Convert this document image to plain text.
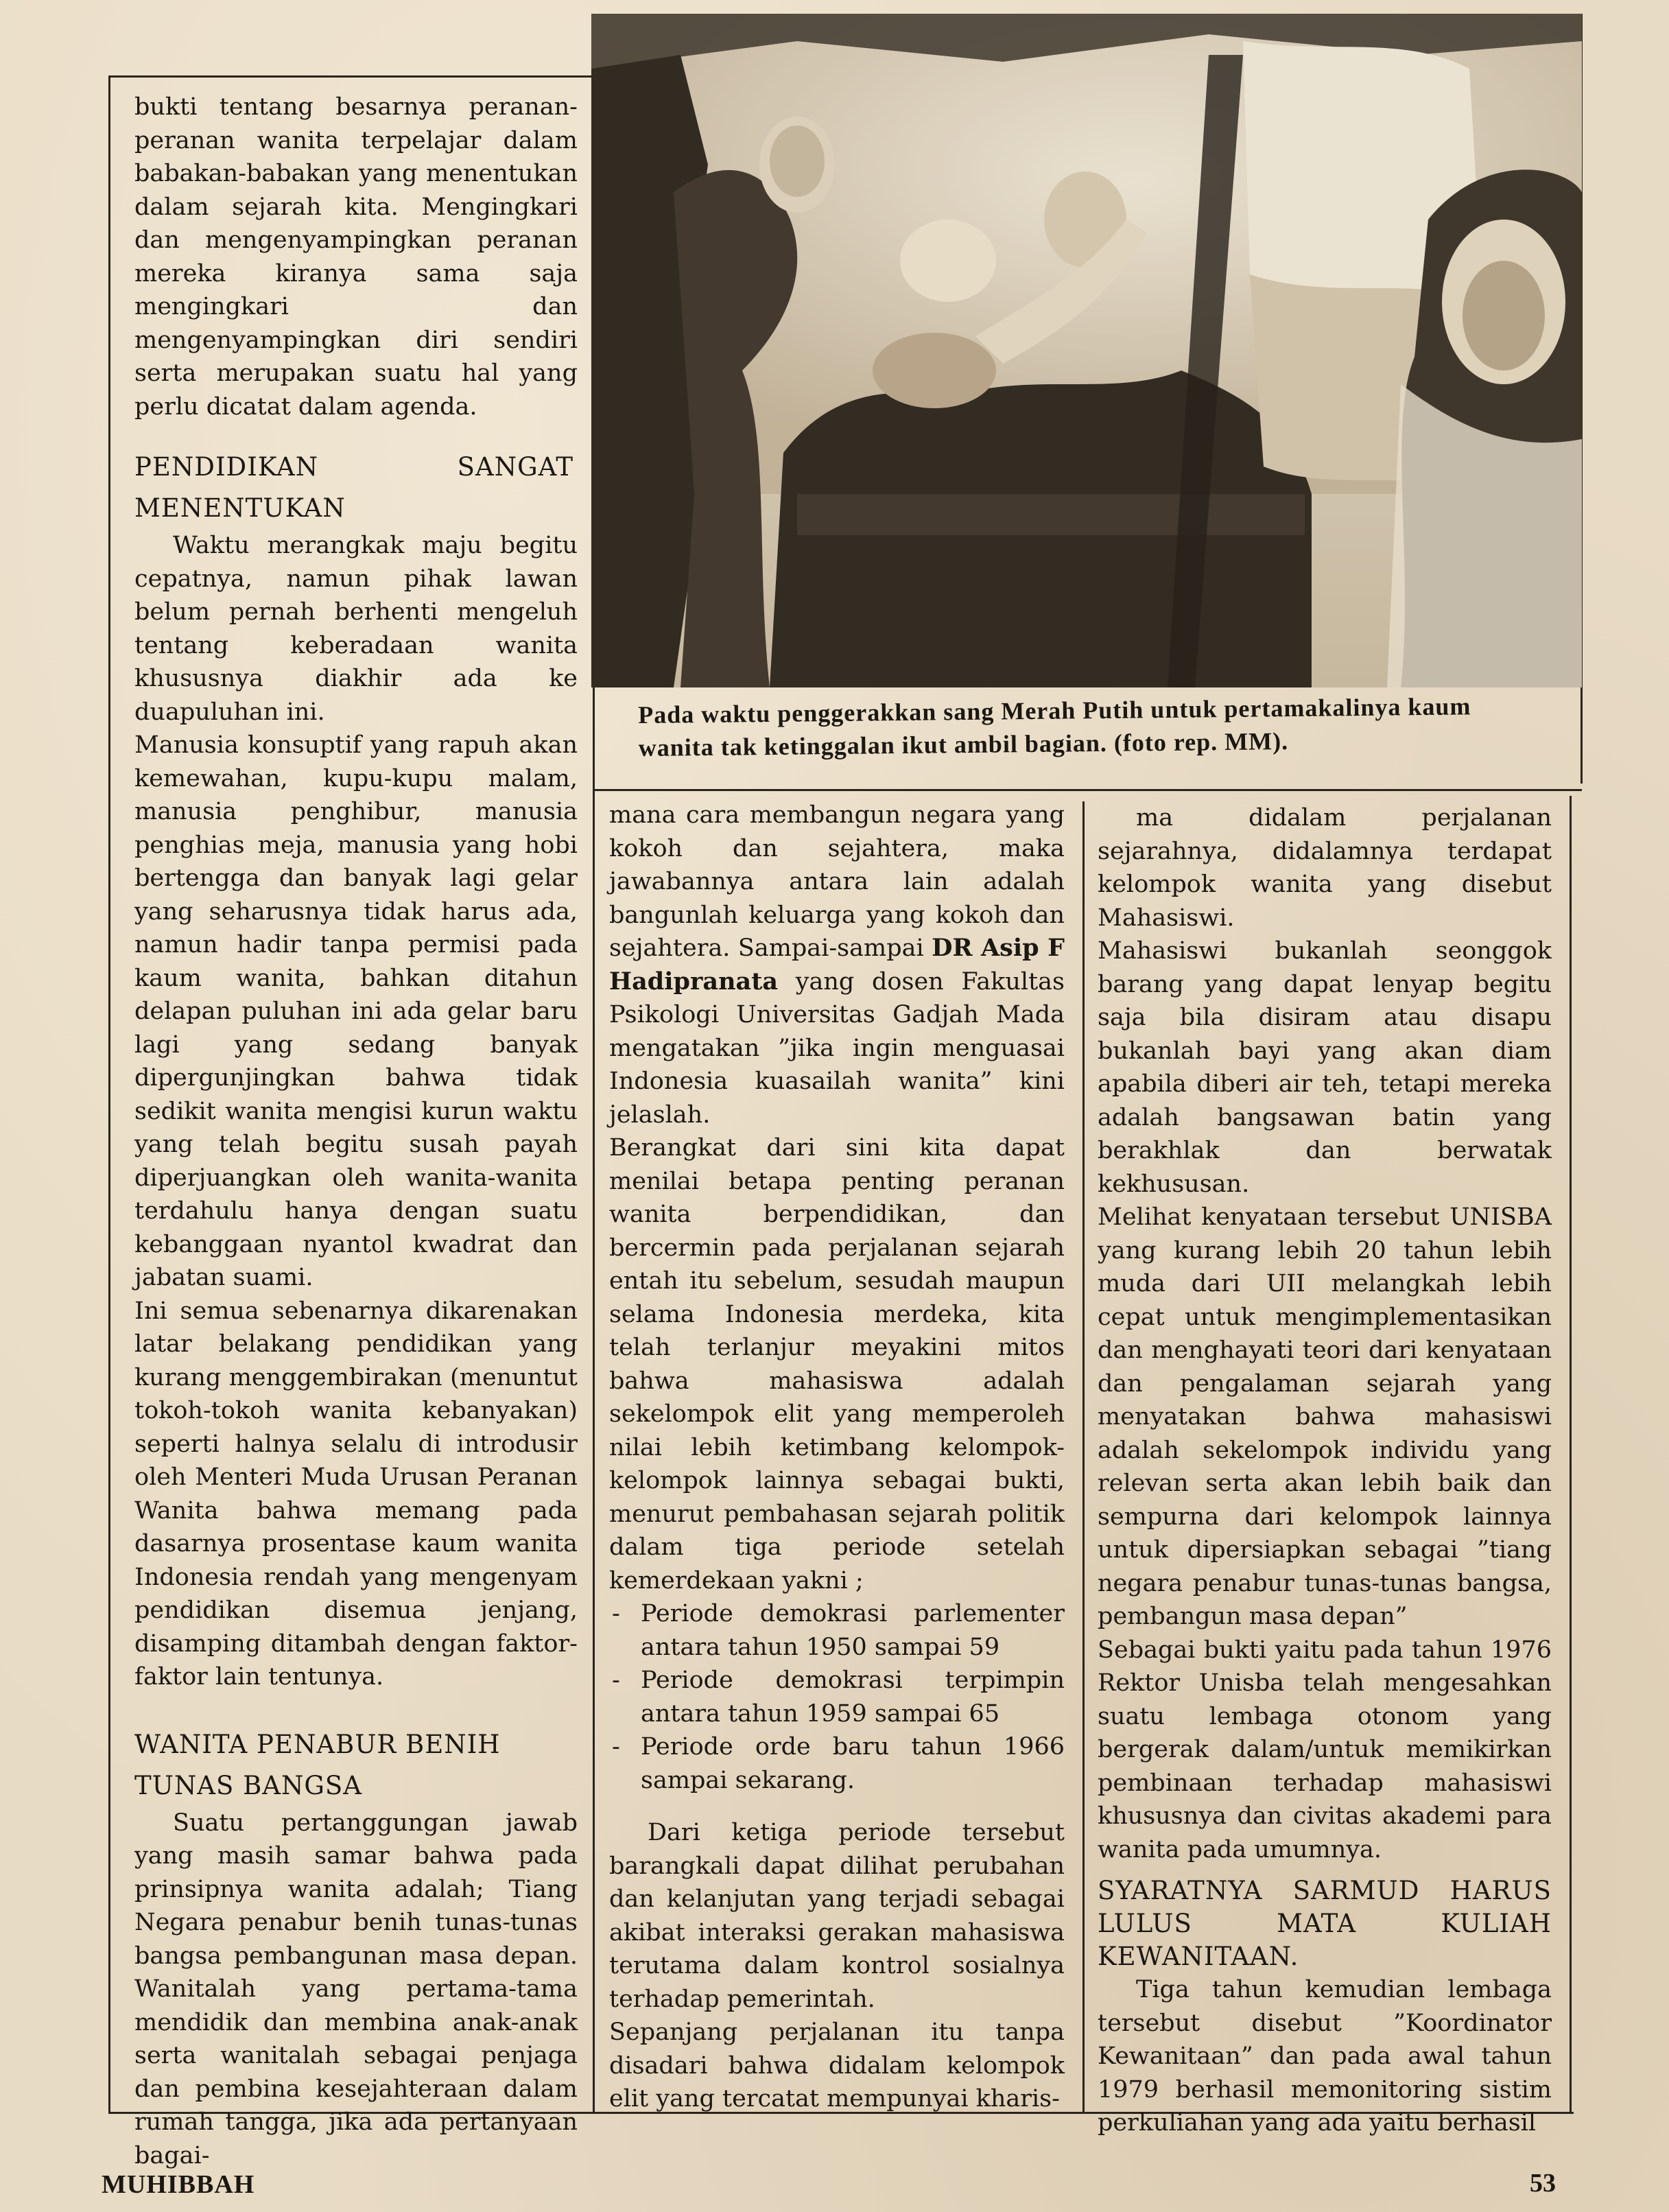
bukti tentang besarnya peranan-peranan wanita terpelajar dalam babakan-babakan yang menentukan dalam sejarah kita. Mengingkari dan mengenyampingkan peranan mereka kiranya sama saja mengingkari dan mengenyampingkan diri sendiri serta merupakan suatu hal yang perlu dicatat dalam agenda.

PENDIDIKAN SANGAT MENENTUKAN

Waktu merangkak maju begitu cepatnya, namun pihak lawan belum pernah berhenti mengeluh tentang keberadaan wanita khususnya diakhir ada ke duapuluhan ini.

Manusia konsuptif yang rapuh akan kemewahan, kupu-kupu malam, manusia penghibur, manusia penghias meja, manusia yang hobi bertengga dan banyak lagi gelar yang seharusnya tidak harus ada, namun hadir tanpa permisi pada kaum wanita, bahkan ditahun delapan puluhan ini ada gelar baru lagi yang sedang banyak dipergunjingkan bahwa tidak sedikit wanita mengisi kurun waktu yang telah begitu susah payah diperjuangkan oleh wanita-wanita terdahulu hanya dengan suatu kebanggaan nyantol kwadrat dan jabatan suami.

Ini semua sebenarnya dikarenakan latar belakang pendidikan yang kurang menggembirakan (menuntut tokoh-tokoh wanita kebanyakan) seperti halnya selalu di introdusir oleh Menteri Muda Urusan Peranan Wanita bahwa memang pada dasarnya prosentase kaum wanita Indonesia rendah yang mengenyam pendidikan disemua jenjang, disamping ditambah dengan faktor-faktor lain tentunya.

WANITA PENABUR BENIH TUNAS BANGSA

Suatu pertanggungan jawab yang masih samar bahwa pada prinsipnya wanita adalah; Tiang Negara penabur benih tunas-tunas bangsa pembangunan masa depan. Wanitalah yang pertama-tama mendidik dan membina anak-anak serta wanitalah sebagai penjaga dan pembina kesejahteraan dalam rumah tangga, jika ada pertanyaan bagai-

Pada waktu penggerakkan sang Merah Putih untuk pertamakalinya kaum wanita tak ketinggalan ikut ambil bagian. (foto rep. MM).

mana cara membangun negara yang kokoh dan sejahtera, maka jawabannya antara lain adalah bangunlah keluarga yang kokoh dan sejahtera. Sampai-sampai DR Asip F Hadipranata yang dosen Fakultas Psikologi Universitas Gadjah Mada mengatakan ”jika ingin menguasai Indonesia kuasailah wanita” kini jelaslah.

Berangkat dari sini kita dapat menilai betapa penting peranan wanita berpendidikan, dan bercermin pada perjalanan sejarah entah itu sebelum, sesudah maupun selama Indonesia merdeka, kita telah terlanjur meyakini mitos bahwa mahasiswa adalah sekelompok elit yang memperoleh nilai lebih ketimbang kelompok-kelompok lainnya sebagai bukti, menurut pembahasan sejarah politik dalam tiga periode setelah kemerdekaan yakni ;

- Periode demokrasi parlementer antara tahun 1950 sampai 59
- Periode demokrasi terpimpin antara tahun 1959 sampai 65
- Periode orde baru tahun 1966 sampai sekarang.

Dari ketiga periode tersebut barangkali dapat dilihat perubahan dan kelanjutan yang terjadi sebagai akibat interaksi gerakan mahasiswa terutama dalam kontrol sosialnya terhadap pemerintah.

Sepanjang perjalanan itu tanpa disadari bahwa didalam kelompok elit yang tercatat mempunyai kharis-

ma didalam perjalanan sejarahnya, didalamnya terdapat kelompok wanita yang disebut Mahasiswi.

Mahasiswi bukanlah seonggok barang yang dapat lenyap begitu saja bila disiram atau disapu bukanlah bayi yang akan diam apabila diberi air teh, tetapi mereka adalah bangsawan batin yang berakhlak dan berwatak kekhususan.

Melihat kenyataan tersebut UNISBA yang kurang lebih 20 tahun lebih muda dari UII melangkah lebih cepat untuk mengimplementasikan dan menghayati teori dari kenyataan dan pengalaman sejarah yang menyatakan bahwa mahasiswi adalah sekelompok individu yang relevan serta akan lebih baik dan sempurna dari kelompok lainnya untuk dipersiapkan sebagai ”tiang negara penabur tunas-tunas bangsa, pembangun masa depan”

Sebagai bukti yaitu pada tahun 1976 Rektor Unisba telah mengesahkan suatu lembaga otonom yang bergerak dalam/untuk memikirkan pembinaan terhadap mahasiswi khususnya dan civitas akademi para wanita pada umumnya.

SYARATNYA SARMUD HARUS LULUS MATA KULIAH KEWANITAAN.

Tiga tahun kemudian lembaga tersebut disebut ”Koordinator Kewanitaan” dan pada awal tahun 1979 berhasil memonitoring sistim perkuliahan yang ada yaitu berhasil

MUHIBBAH	53
